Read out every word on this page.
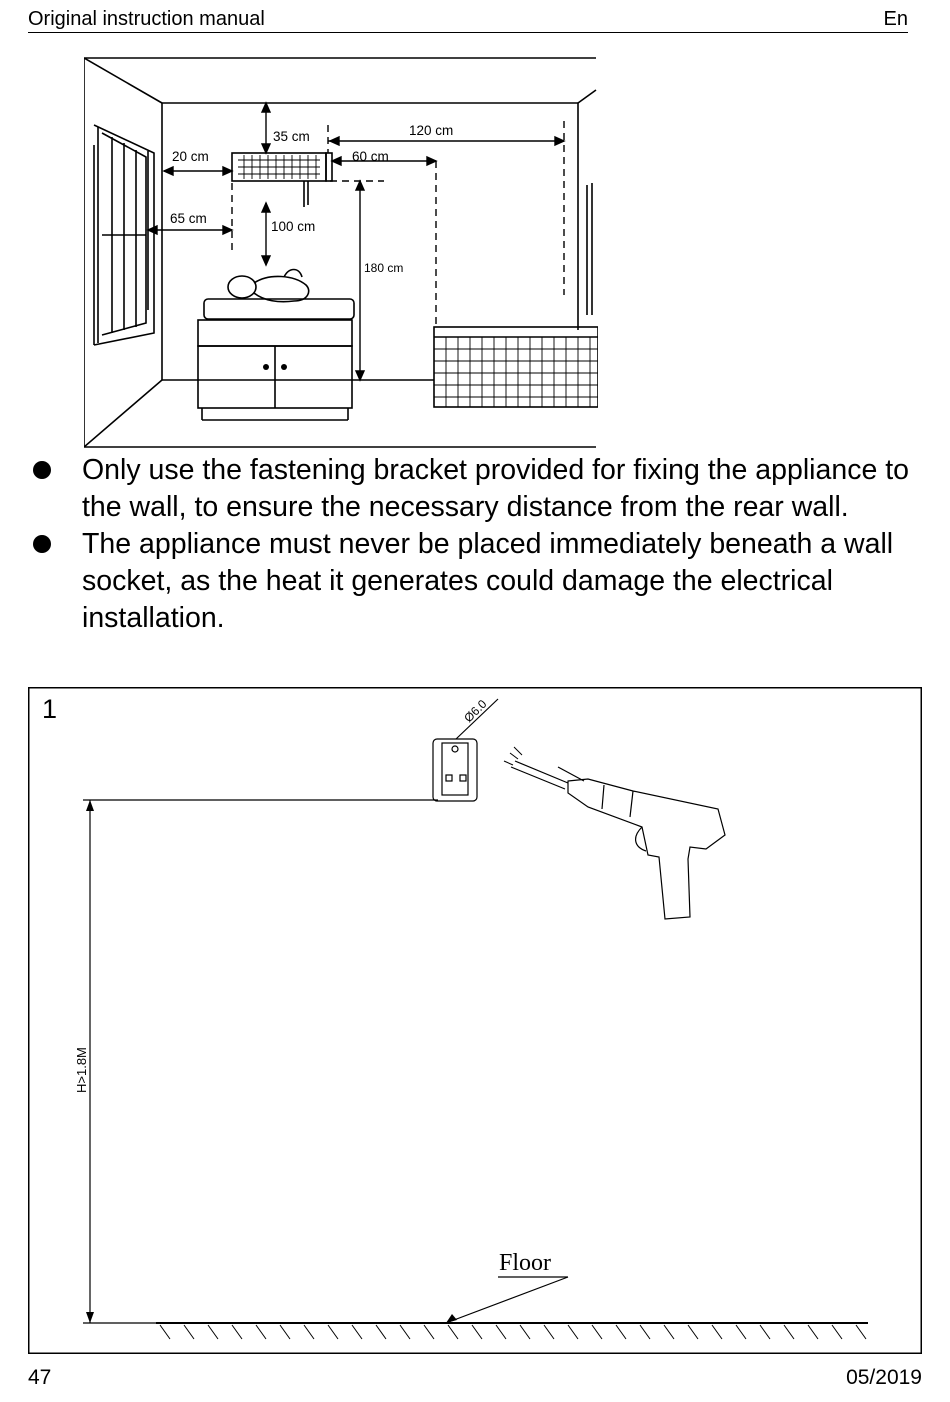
Original instruction manual	En
35 cm	120 cm
20 cm	60 cm
65 cm
100 cm
180 cm
Only use the fastening bracket provided for fixing the appliance to the wall, to ensure the necessary distance from the rear wall.
The appliance must never be placed immediately beneath a wall socket, as the heat it generates could damage the electrical installation.
1	Ø6.0
H>1.8M
Floor
47	05/2019
